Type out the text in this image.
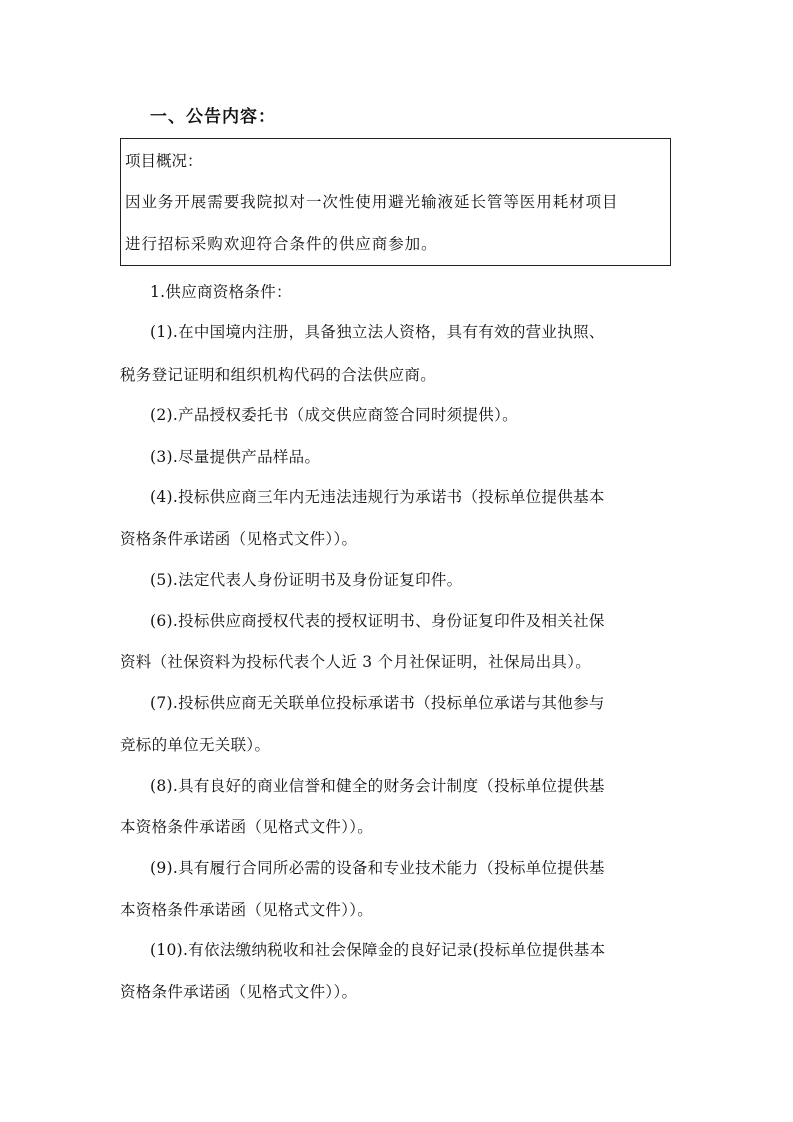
一、公告内容：
项目概况：
因业务开展需要我院拟对一次性使用避光输液延长管等医用耗材项目
进行招标采购欢迎符合条件的供应商参加。
1.供应商资格条件：
(1).在中国境内注册，具备独立法人资格，具有有效的营业执照、
税务登记证明和组织机构代码的合法供应商。
(2).产品授权委托书（成交供应商签合同时须提供）。
(3).尽量提供产品样品。
(4).投标供应商三年内无违法违规行为承诺书（投标单位提供基本
资格条件承诺函（见格式文件））。
(5).法定代表人身份证明书及身份证复印件。
(6).投标供应商授权代表的授权证明书、身份证复印件及相关社保
资料（社保资料为投标代表个人近 3 个月社保证明，社保局出具）。
(7).投标供应商无关联单位投标承诺书（投标单位承诺与其他参与
竞标的单位无关联）。
(8).具有良好的商业信誉和健全的财务会计制度（投标单位提供基
本资格条件承诺函（见格式文件））。
(9).具有履行合同所必需的设备和专业技术能力（投标单位提供基
本资格条件承诺函（见格式文件））。
(10).有依法缴纳税收和社会保障金的良好记录(投标单位提供基本
资格条件承诺函（见格式文件））。
